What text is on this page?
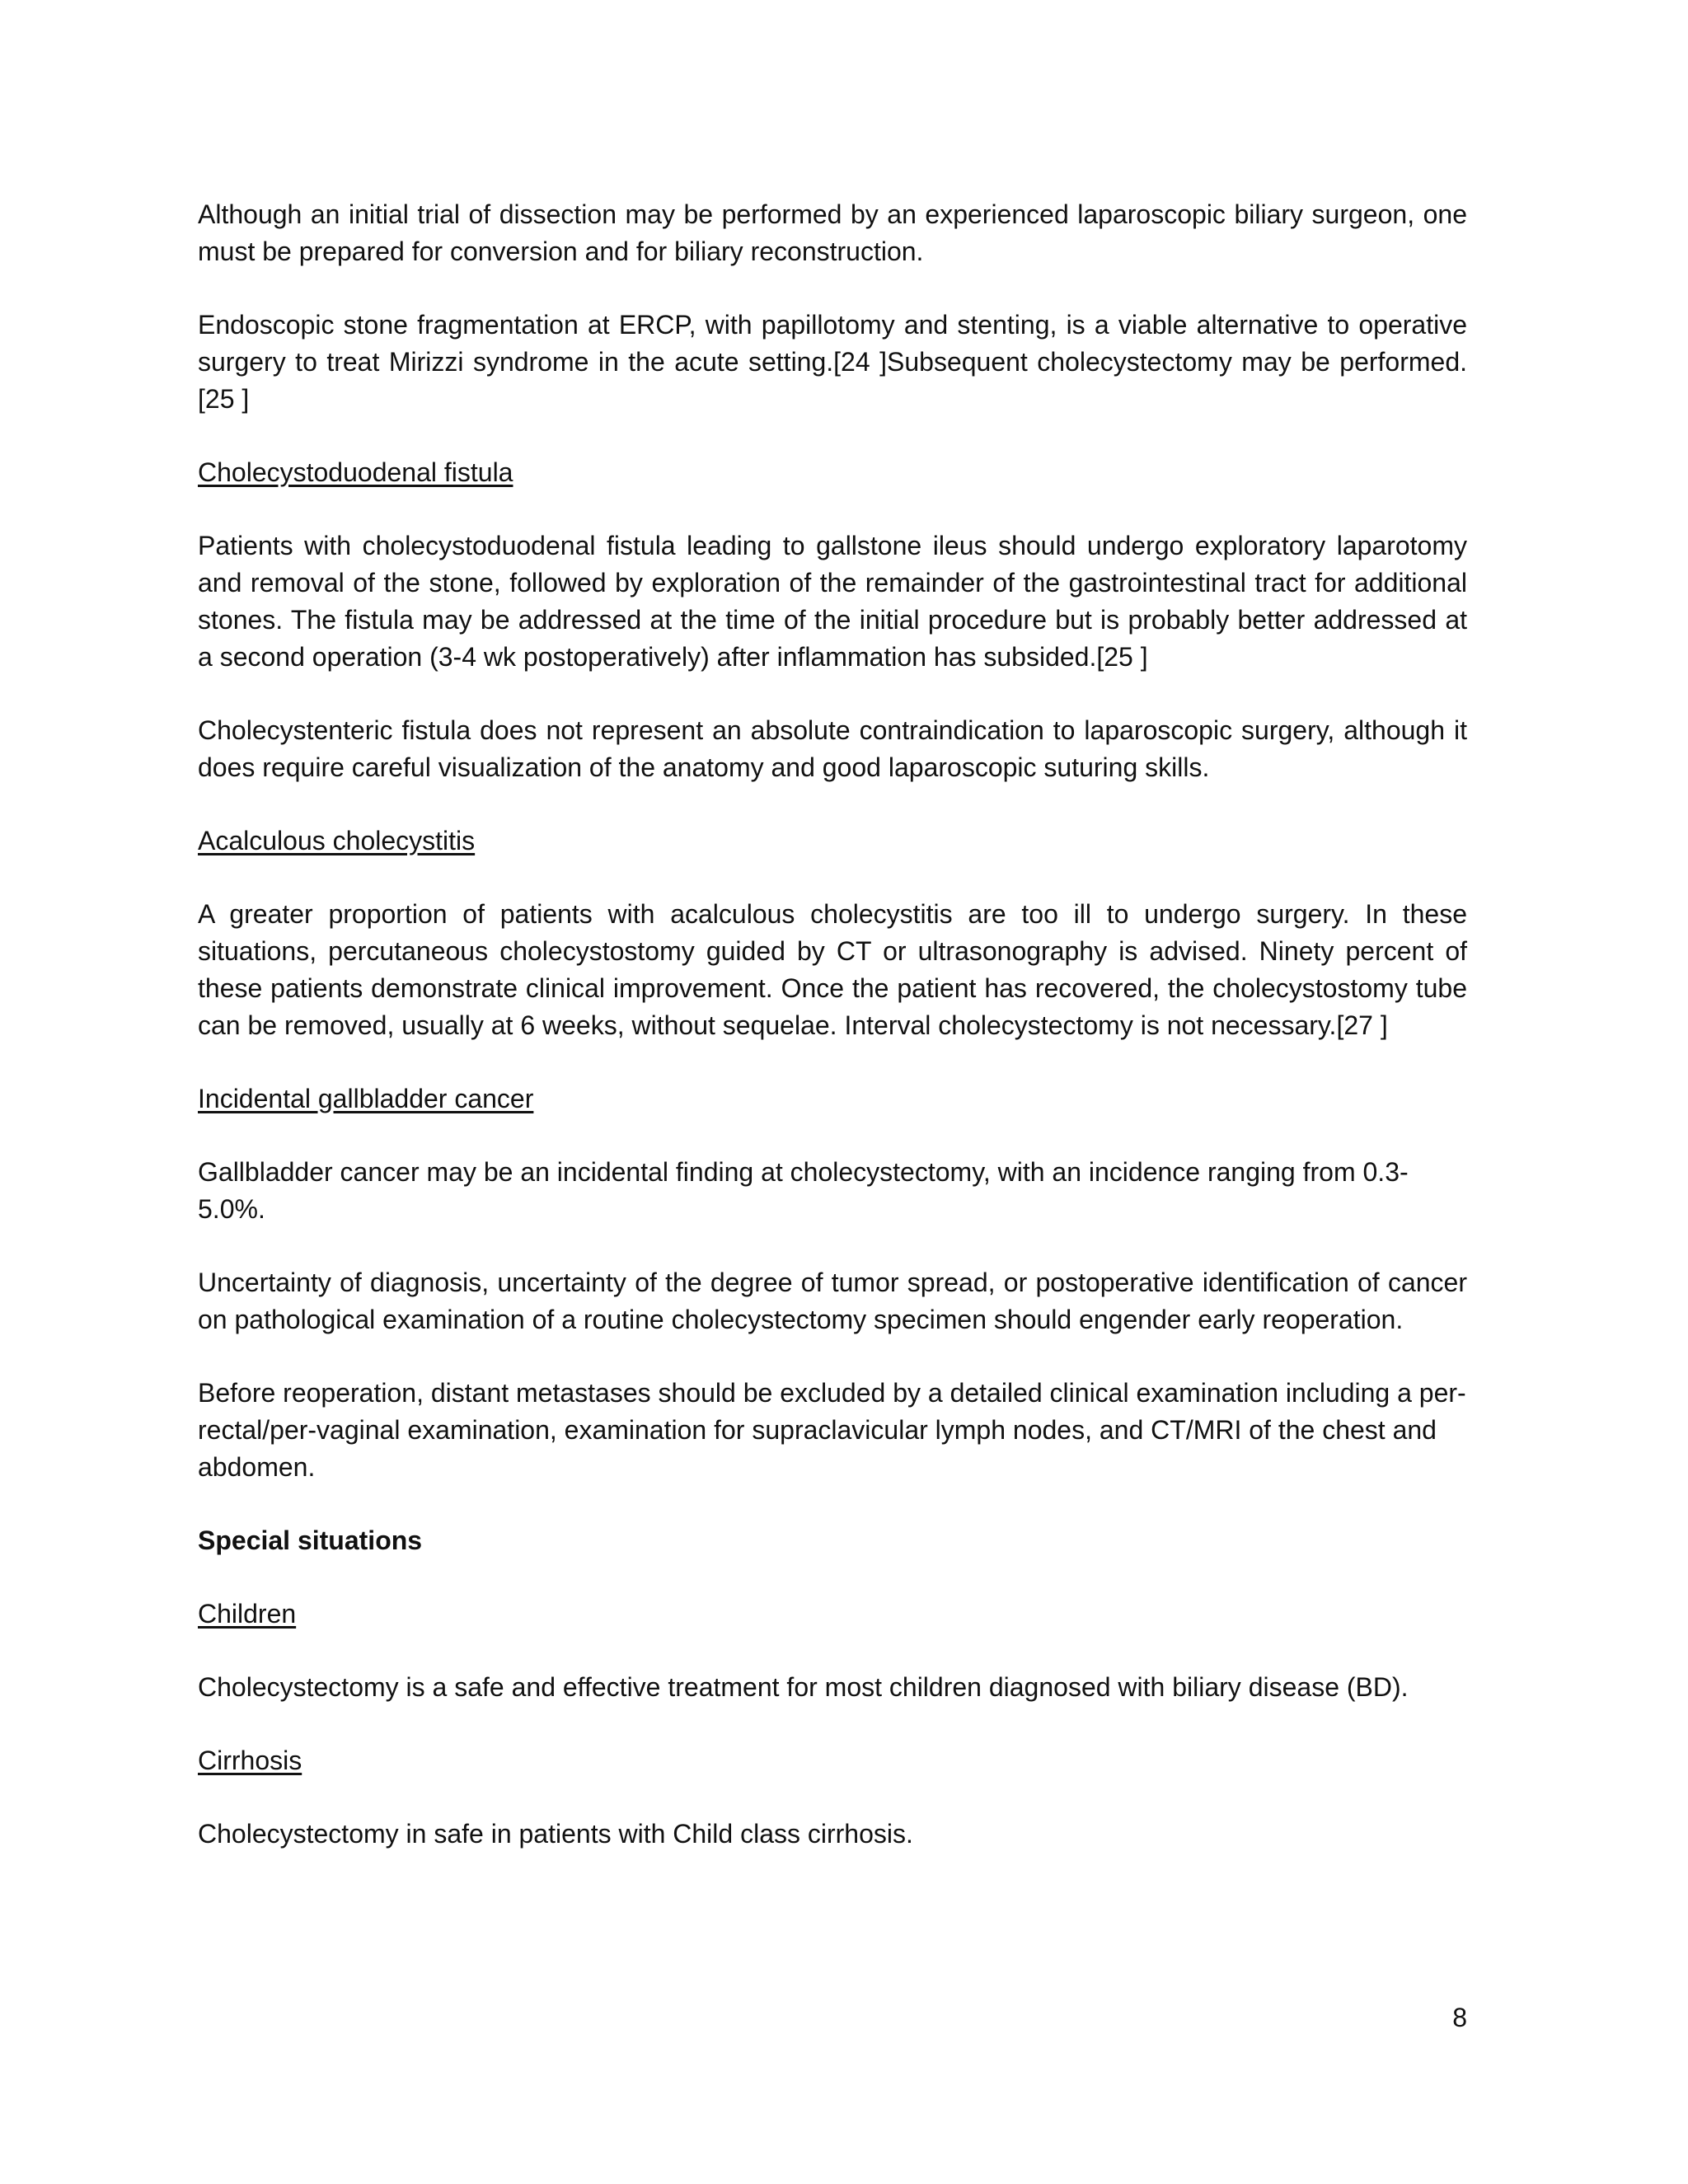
Although an initial trial of dissection may be performed by an experienced laparoscopic biliary surgeon, one must be prepared for conversion and for biliary reconstruction.

Endoscopic stone fragmentation at ERCP, with papillotomy and stenting, is a viable alternative to operative surgery to treat Mirizzi syndrome in the acute setting.[24 ]Subsequent cholecystectomy may be performed.[25 ]

Cholecystoduodenal fistula

Patients with cholecystoduodenal fistula leading to gallstone ileus should undergo exploratory laparotomy and removal of the stone, followed by exploration of the remainder of the gastrointestinal tract for additional stones. The fistula may be addressed at the time of the initial procedure but is probably better addressed at a second operation (3-4 wk postoperatively) after inflammation has subsided.[25 ]

Cholecystenteric fistula does not represent an absolute contraindication to laparoscopic surgery, although it does require careful visualization of the anatomy and good laparoscopic suturing skills.

Acalculous cholecystitis

A greater proportion of patients with acalculous cholecystitis are too ill to undergo surgery. In these situations, percutaneous cholecystostomy guided by CT or ultrasonography is advised. Ninety percent of these patients demonstrate clinical improvement. Once the patient has recovered, the cholecystostomy tube can be removed, usually at 6 weeks, without sequelae. Interval cholecystectomy is not necessary.[27 ]

Incidental gallbladder cancer

Gallbladder cancer may be an incidental finding at cholecystectomy, with an incidence ranging from 0.3-5.0%.

Uncertainty of diagnosis, uncertainty of the degree of tumor spread, or postoperative identification of cancer on pathological examination of a routine cholecystectomy specimen should engender early reoperation.

Before reoperation, distant metastases should be excluded by a detailed clinical examination including a per-rectal/per-vaginal examination, examination for supraclavicular lymph nodes, and CT/MRI of the chest and abdomen.

Special situations

Children

Cholecystectomy is a safe and effective treatment for most children diagnosed with biliary disease (BD).

Cirrhosis

Cholecystectomy in safe in patients with Child class cirrhosis.

8
